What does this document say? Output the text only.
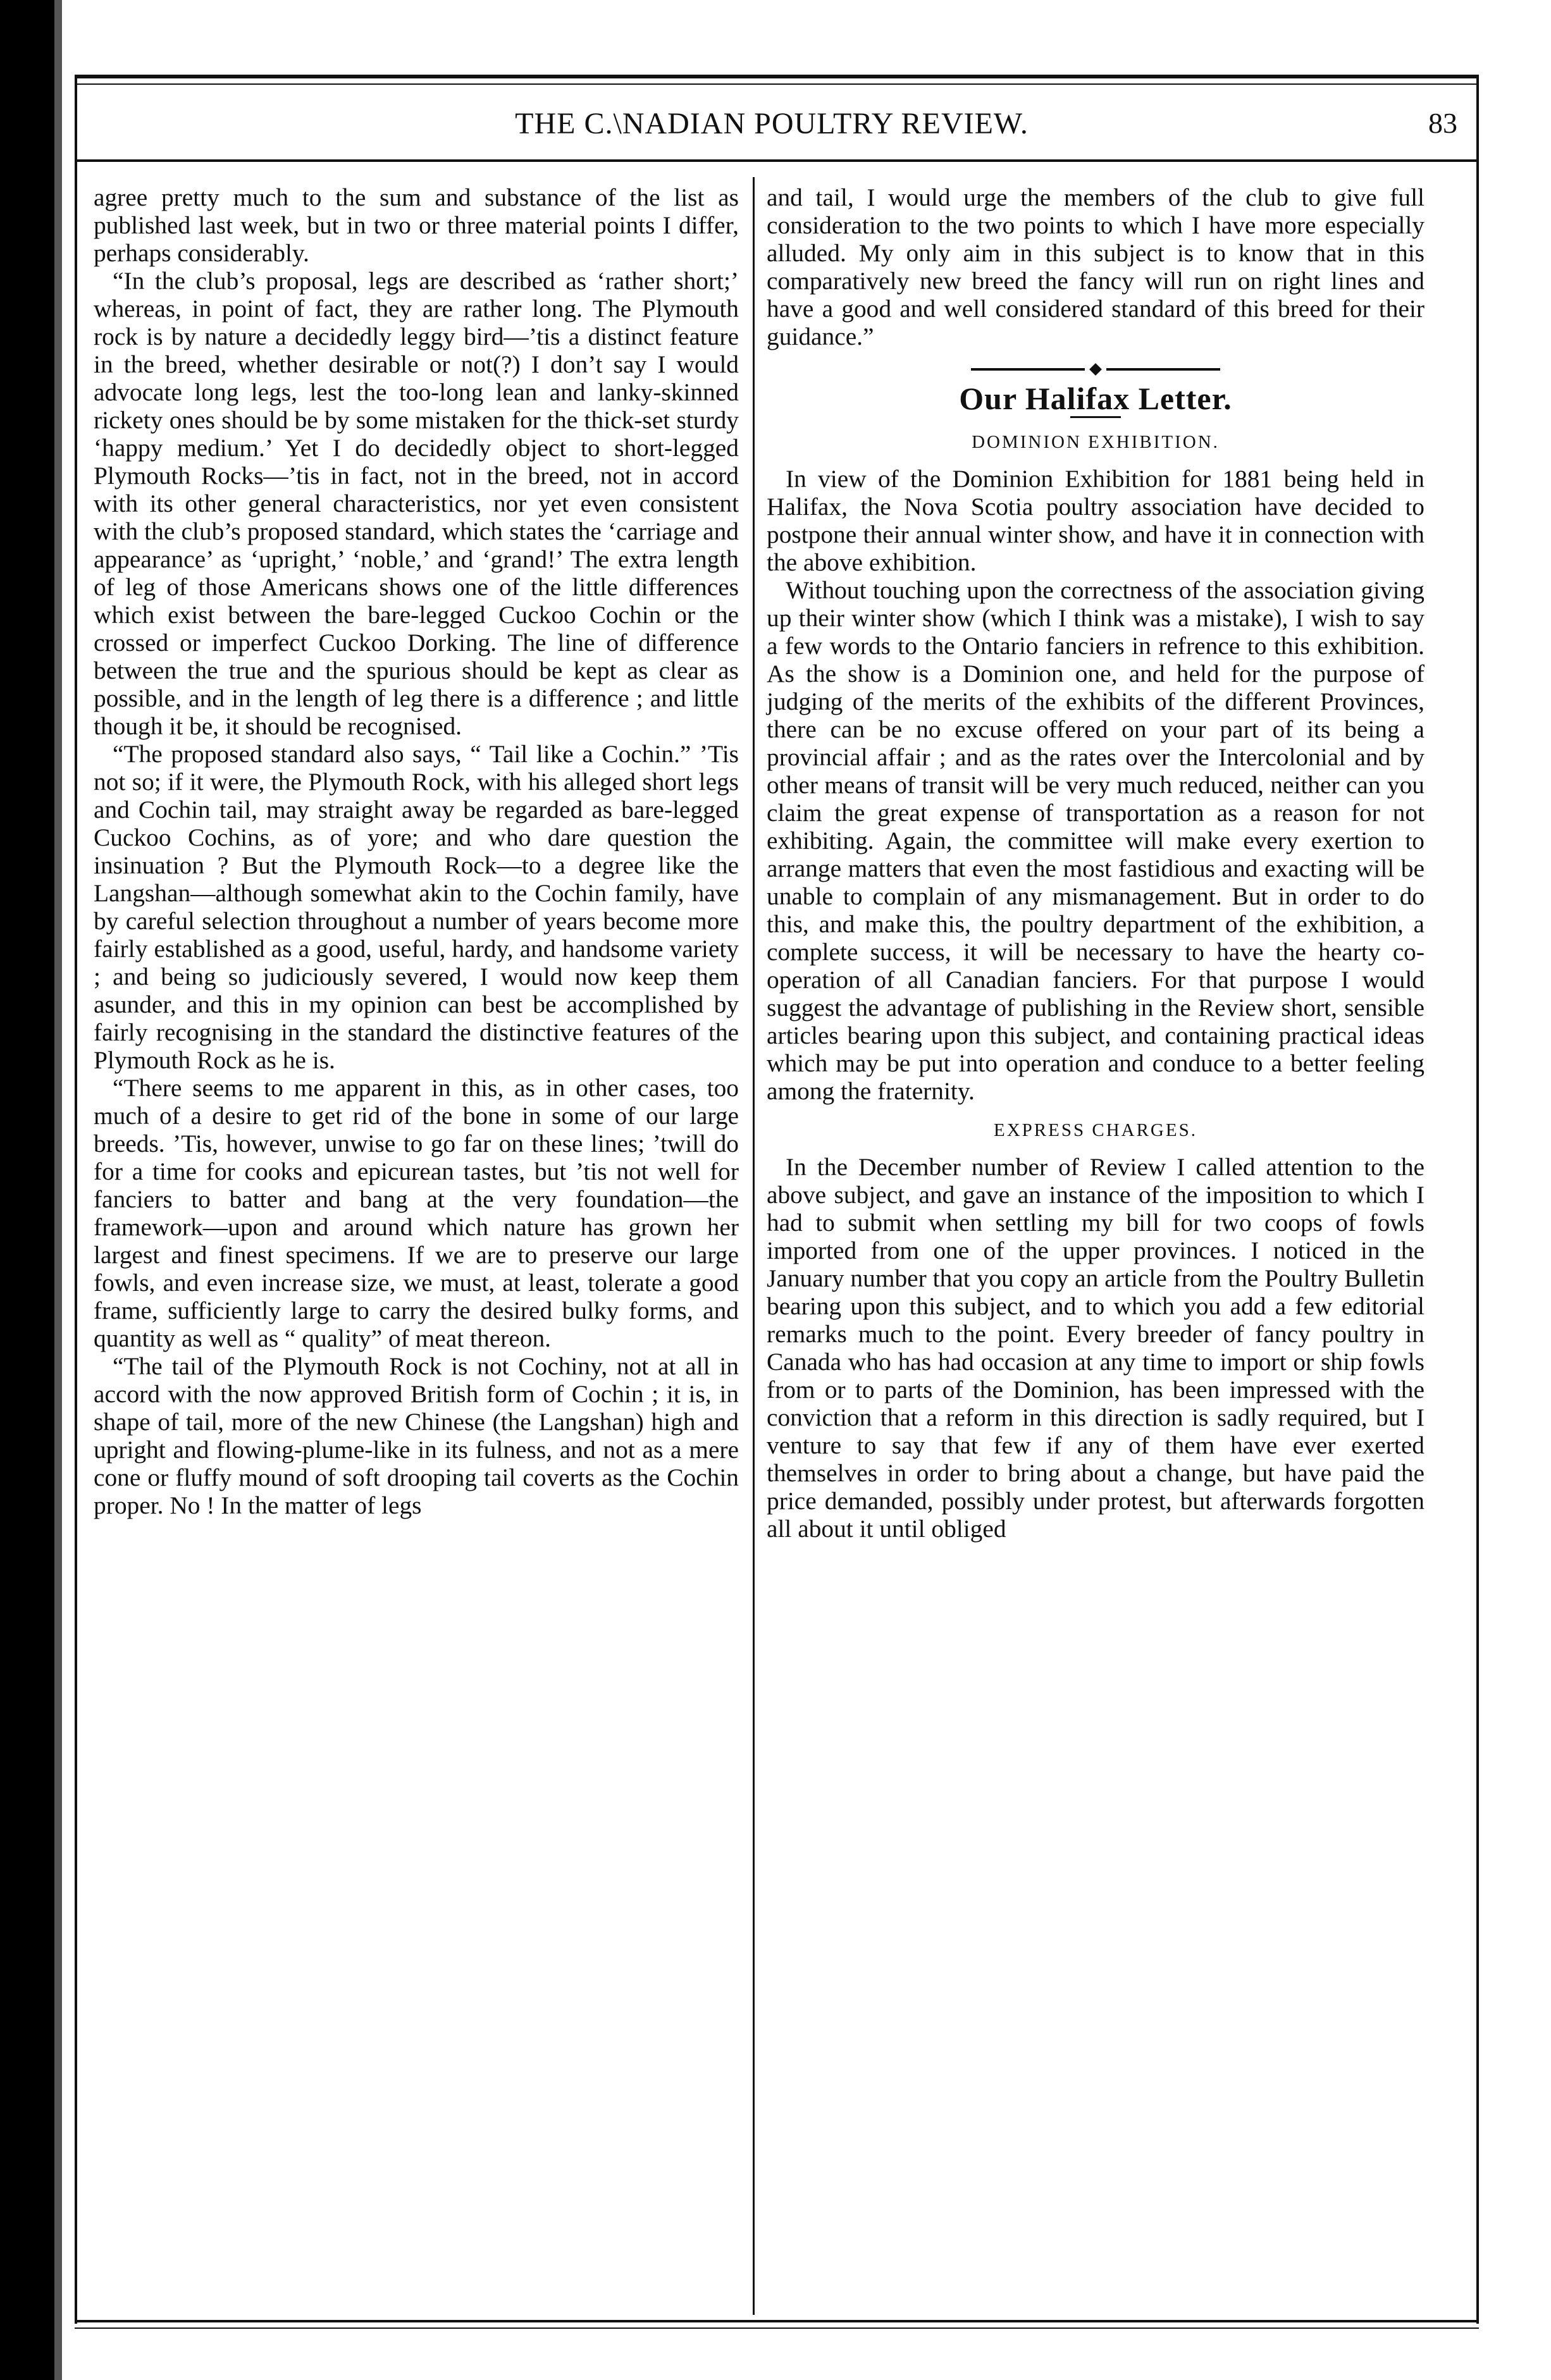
THE C.\NADIAN POULTRY REVIEW.	83

agree pretty much to the sum and substance of the list as published last week, but in two or three material points I differ, perhaps considerably.

“In the club’s proposal, legs are described as ‘rather short;’ whereas, in point of fact, they are rather long. The Plymouth rock is by nature a decidedly leggy bird—’tis a distinct feature in the breed, whether desirable or not(?) I don’t say I would advocate long legs, lest the too-long lean and lanky-skinned rickety ones should be by some mistaken for the thick-set sturdy ‘happy medium.’ Yet I do decidedly object to short-legged Plymouth Rocks—’tis in fact, not in the breed, not in accord with its other general characteristics, nor yet even consistent with the club’s proposed standard, which states the ‘carriage and appearance’ as ‘upright,’ ‘noble,’ and ‘grand!’ The extra length of leg of those Americans shows one of the little differences which exist between the bare-legged Cuckoo Cochin or the crossed or imperfect Cuckoo Dorking. The line of difference between the true and the spurious should be kept as clear as possible, and in the length of leg there is a difference ; and little though it be, it should be recognised.

“The proposed standard also says, “ Tail like a Cochin.” ’Tis not so; if it were, the Plymouth Rock, with his alleged short legs and Cochin tail, may straight away be regarded as bare-legged Cuckoo Cochins, as of yore; and who dare question the insinuation ? But the Plymouth Rock—to a degree like the Langshan—although somewhat akin to the Cochin family, have by careful selection throughout a number of years become more fairly established as a good, useful, hardy, and handsome variety ; and being so judiciously severed, I would now keep them asunder, and this in my opinion can best be accomplished by fairly recognising in the standard the distinctive features of the Plymouth Rock as he is.

“There seems to me apparent in this, as in other cases, too much of a desire to get rid of the bone in some of our large breeds. ’Tis, however, unwise to go far on these lines; ’twill do for a time for cooks and epicurean tastes, but ’tis not well for fanciers to batter and bang at the very foundation—the framework—upon and around which nature has grown her largest and finest specimens. If we are to preserve our large fowls, and even increase size, we must, at least, tolerate a good frame, sufficiently large to carry the desired bulky forms, and quantity as well as “ quality” of meat thereon.

“The tail of the Plymouth Rock is not Cochiny, not at all in accord with the now approved British form of Cochin ; it is, in shape of tail, more of the new Chinese (the Langshan) high and upright and flowing-plume-like in its fulness, and not as a mere cone or fluffy mound of soft drooping tail coverts as the Cochin proper. No ! In the matter of legs

and tail, I would urge the members of the club to give full consideration to the two points to which I have more especially alluded. My only aim in this subject is to know that in this comparatively new breed the fancy will run on right lines and have a good and well considered standard of this breed for their guidance.”

Our Halifax Letter.

DOMINION EXHIBITION.

In view of the Dominion Exhibition for 1881 being held in Halifax, the Nova Scotia poultry association have decided to postpone their annual winter show, and have it in connection with the above exhibition.

Without touching upon the correctness of the association giving up their winter show (which I think was a mistake), I wish to say a few words to the Ontario fanciers in refrence to this exhibition. As the show is a Dominion one, and held for the purpose of judging of the merits of the exhibits of the different Provinces, there can be no excuse offered on your part of its being a provincial affair ; and as the rates over the Intercolonial and by other means of transit will be very much reduced, neither can you claim the great expense of transportation as a reason for not exhibiting. Again, the committee will make every exertion to arrange matters that even the most fastidious and exacting will be unable to complain of any mismanagement. But in order to do this, and make this, the poultry department of the exhibition, a complete success, it will be necessary to have the hearty co-operation of all Canadian fanciers. For that purpose I would suggest the advantage of publishing in the Review short, sensible articles bearing upon this subject, and containing practical ideas which may be put into operation and conduce to a better feeling among the fraternity.

EXPRESS CHARGES.

In the December number of Review I called attention to the above subject, and gave an instance of the imposition to which I had to submit when settling my bill for two coops of fowls imported from one of the upper provinces. I noticed in the January number that you copy an article from the Poultry Bulletin bearing upon this subject, and to which you add a few editorial remarks much to the point. Every breeder of fancy poultry in Canada who has had occasion at any time to import or ship fowls from or to parts of the Dominion, has been impressed with the conviction that a reform in this direction is sadly required, but I venture to say that few if any of them have ever exerted themselves in order to bring about a change, but have paid the price demanded, possibly under protest, but afterwards forgotten all about it until obliged
